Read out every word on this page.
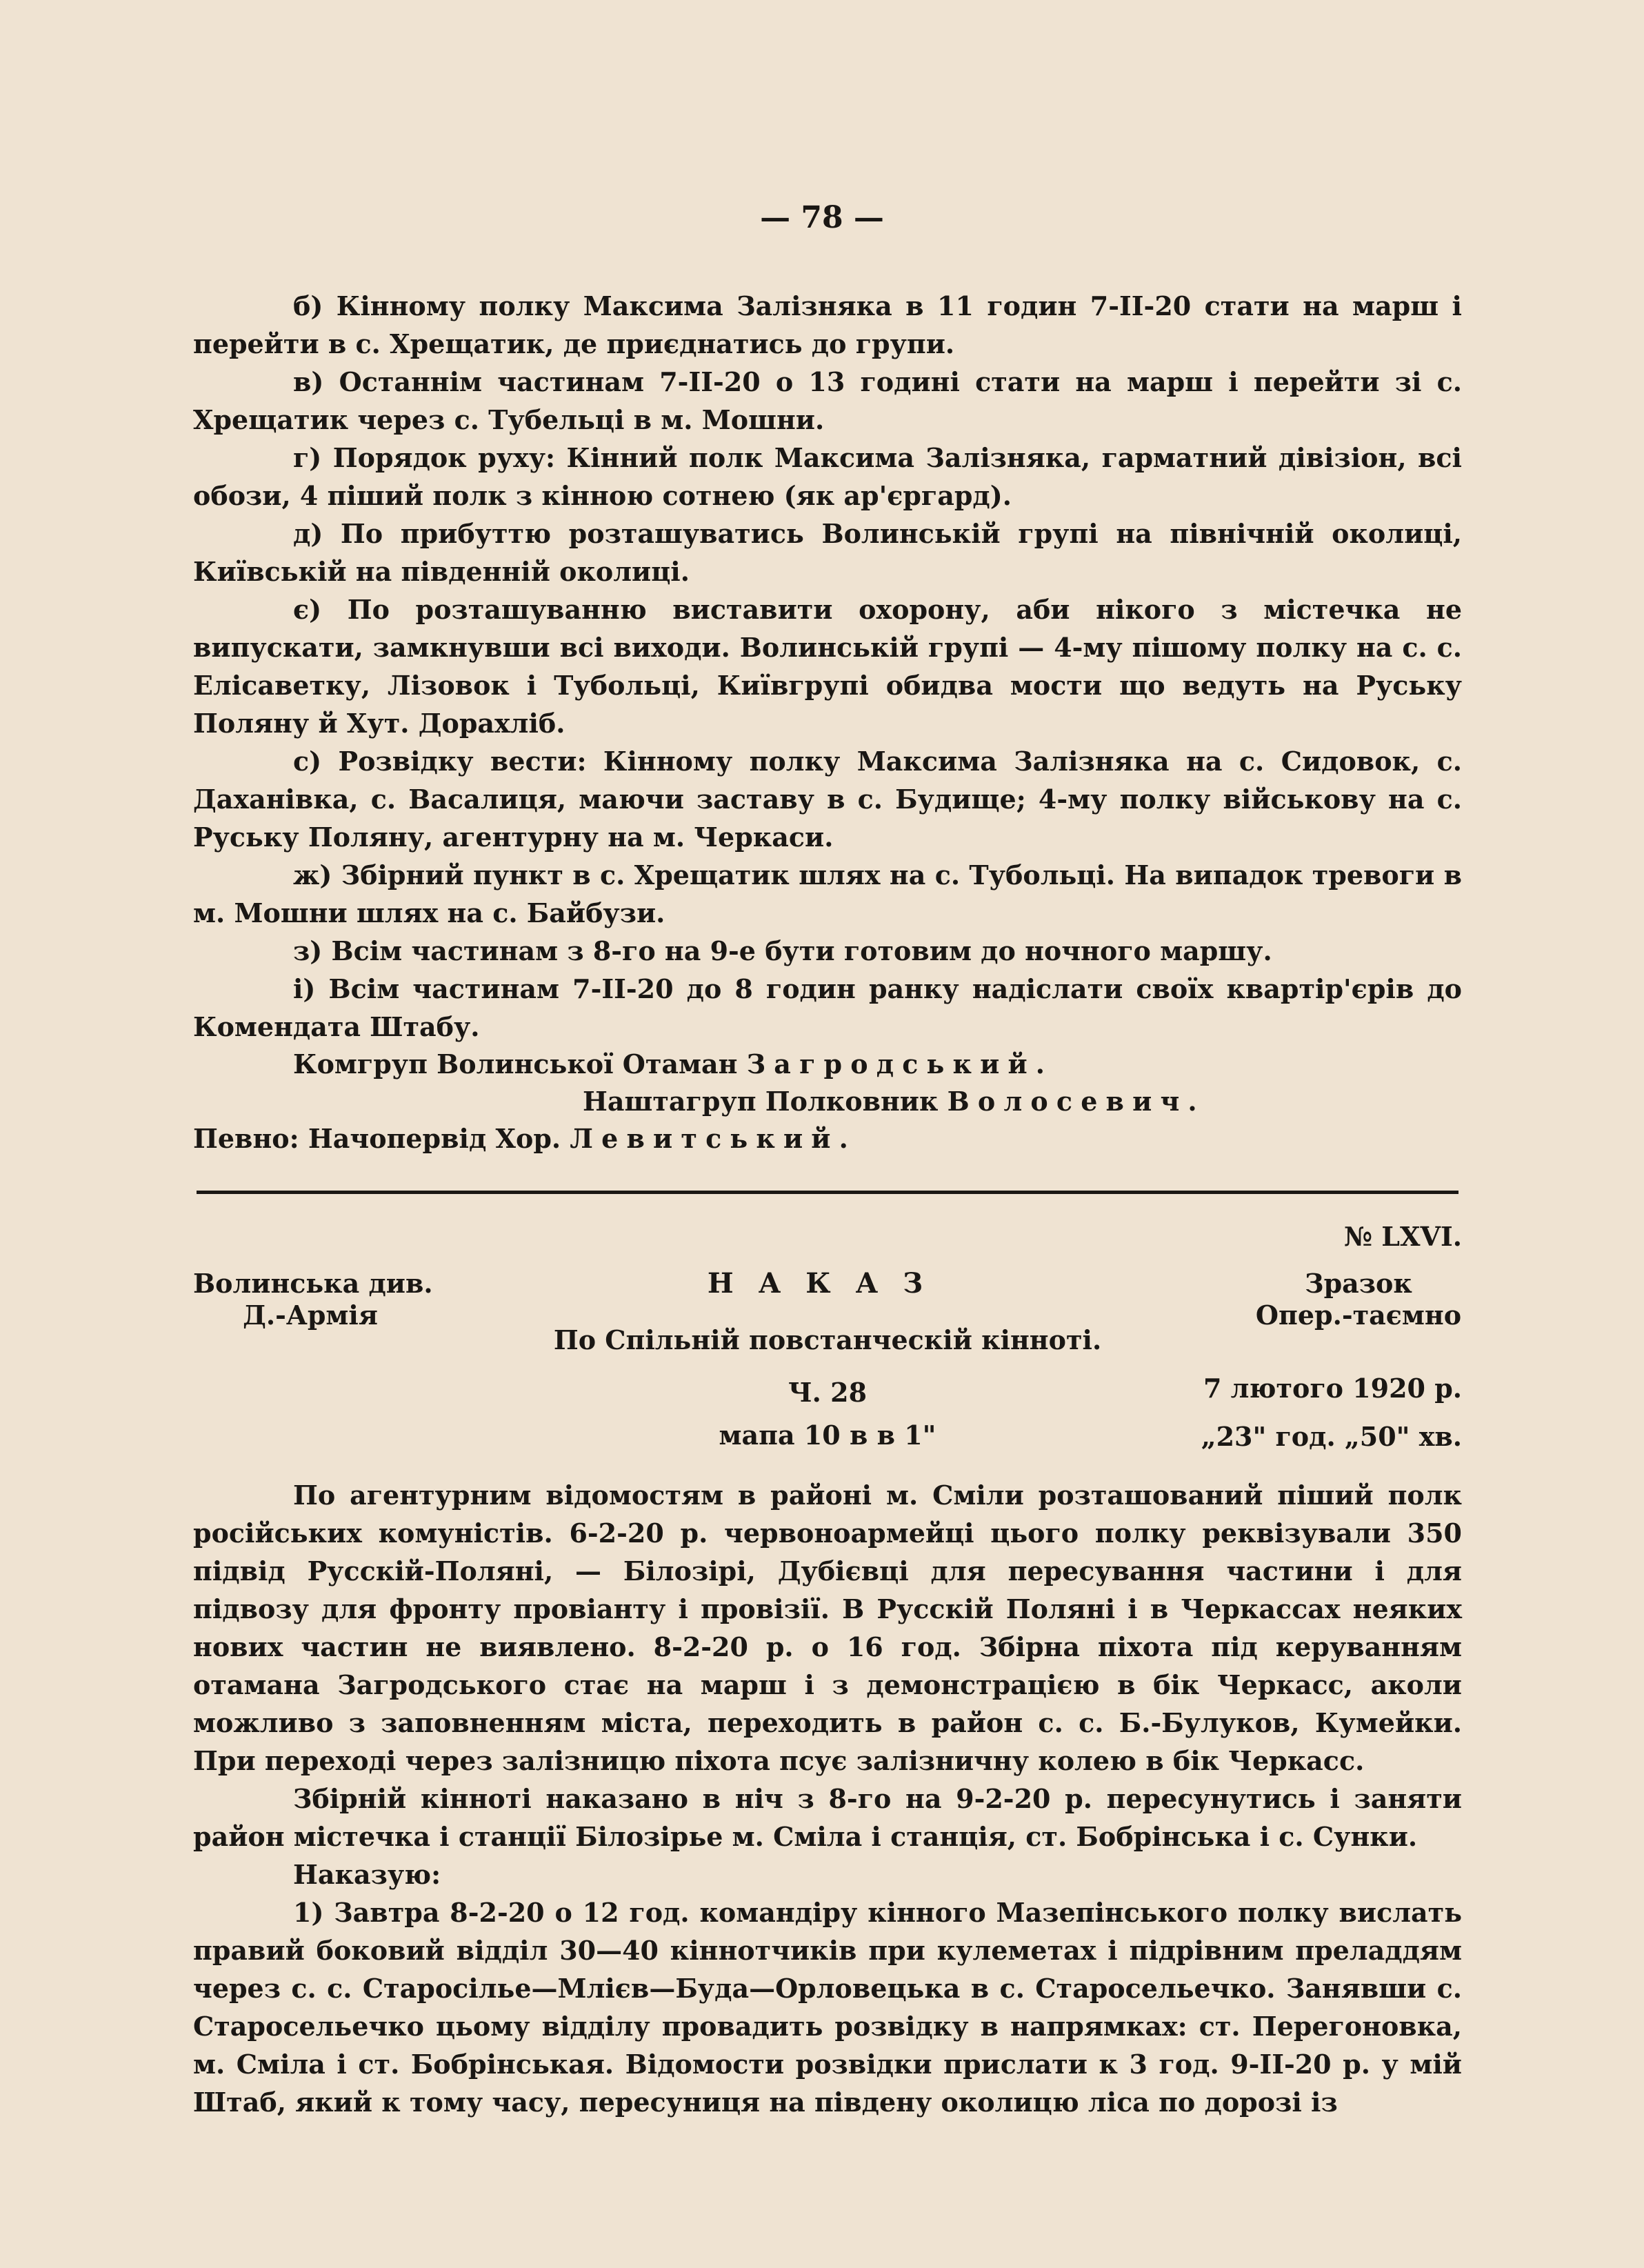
— 78 —

б) Кінному полку Максима Залізняка в 11 годин 7-ІІ-20 стати на марш і перейти в с. Хрещатик, де приєднатись до групи.

в) Останнім частинам 7-ІІ-20 о 13 годині стати на марш і перейти зі с. Хрещатик через с. Тубельці в м. Мошни.

г) Порядок руху: Кінний полк Максима Залізняка, гарматний дівізіон, всі обози, 4 піший полк з кінною сотнею (як ар'єргард).

д) По прибуттю розташуватись Волинській групі на північній околиці, Київській на південній околиці.

є) По розташуванню виставити охорону, аби нікого з містечка не випускати, замкнувши всі виходи. Волинській групі — 4-му пішому полку на с. с. Елісаветку, Лізовок і Тубольці, Київгрупі обидва мости що ведуть на Руську Поляну й Хут. Дорахліб.

с) Розвідку вести: Кінному полку Максима Залізняка на с. Сидовок, с. Даханівка, с. Васалиця, маючи заставу в с. Будище; 4-му полку військову на с. Руську Поляну, агентурну на м. Черкаси.

ж) Збірний пункт в с. Хрещатик шлях на с. Тубольці. На випадок тревоги в м. Мошни шлях на с. Байбузи.

з) Всім частинам з 8-го на 9-е бути готовим до ночного маршу.

і) Всім частинам 7-ІІ-20 до 8 годин ранку надіслати своїх квартір'єрів до Комендата Штабу.

Комгруп Волинської Отаман Загродський.

Наштагруп Полковник Волосевич.

Певно: Начопервід Хор. Левитський.

№ LXVI.
Волинська див.
Д.-Армія
НАКАЗ
По Спільній повстанческій кінноті.
Ч. 28
мапа 10 в в 1"
Зразок
Опер.-таємно
7 лютого 1920 р.
„23" год. „50" хв.

По агентурним відомостям в районі м. Сміли розташований піший полк російських комуністів. 6-2-20 р. червоноармейці цього полку реквізували 350 підвід Русскій-Поляні, — Білозірі, Дубієвці для пересування частини і для підвозу для фронту провіанту і провізії. В Русскій Поляні і в Черкассах неяких нових частин не виявлено. 8-2-20 р. о 16 год. Збірна піхота під керуванням отамана Загродського стає на марш і з демонстрацією в бік Черкасс, аколи можливо з заповненням міста, переходить в район с. с. Б.-Булуков, Кумейки. При переході через залізницю піхота псує залізничну колею в бік Черкасс.

Збірній кінноті наказано в ніч з 8-го на 9-2-20 р. пересунутись і заняти район містечка і станції Білозірье м. Сміла і станція, ст. Бобрінська і с. Сунки.

Наказую:

1) Завтра 8-2-20 о 12 год. командіру кінного Мазепінського полку вислать правий боковий відділ 30—40 кіннотчиків при кулеметах і підрівним преладдям через с. с. Старосілье—Млієв—Буда—Орловецька в с. Старосельечко. Занявши с. Старосельечко цьому відділу провадить розвідку в напрямках: ст. Перегоновка, м. Сміла і ст. Бобрінськая. Відомости розвідки прислати к 3 год. 9-ІІ-20 р. у мій Штаб, який к тому часу, пересуниця на південу околицю ліса по дорозі із
